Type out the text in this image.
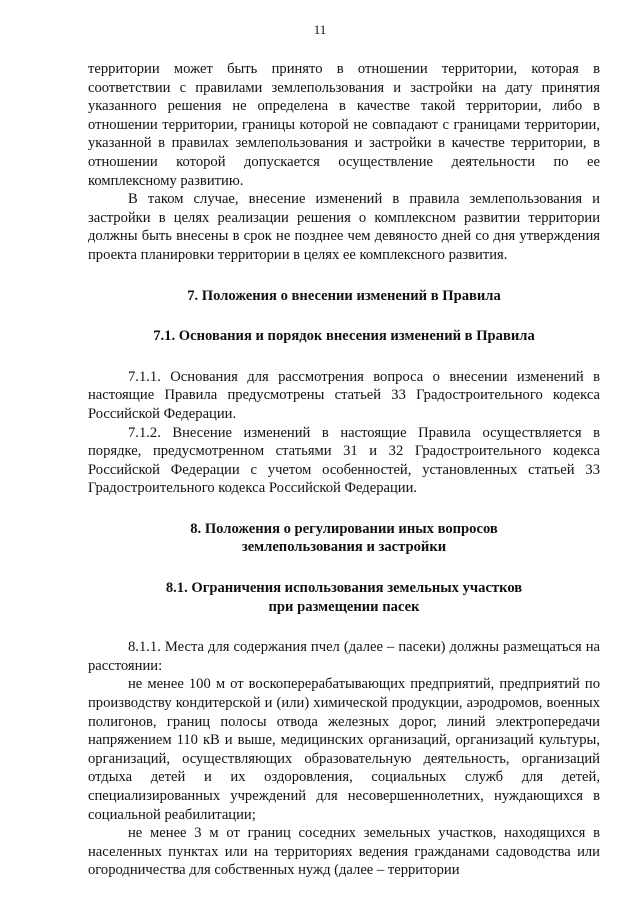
11

территории может быть принято в отношении территории, которая в соответствии с правилами землепользования и застройки на дату принятия указанного решения не определена в качестве такой территории, либо в отношении территории, границы которой не совпадают с границами территории, указанной в правилах землепользования и застройки в качестве территории, в отношении которой допускается осуществление деятельности по ее комплексному развитию.

В таком случае, внесение изменений в правила землепользования и застройки в целях реализации решения о комплексном развитии территории должны быть внесены в срок не позднее чем девяносто дней со дня утверждения проекта планировки территории в целях ее комплексного развития.

7. Положения о внесении изменений в Правила
7.1. Основания и порядок внесения изменений в Правила

7.1.1. Основания для рассмотрения вопроса о внесении изменений в настоящие Правила предусмотрены статьей 33 Градостроительного кодекса Российской Федерации.

7.1.2. Внесение изменений в настоящие Правила осуществляется в порядке, предусмотренном статьями 31 и 32 Градостроительного кодекса Российской Федерации с учетом особенностей, установленных статьей 33 Градостроительного кодекса Российской Федерации.

8. Положения о регулировании иных вопросов
землепользования и застройки
8.1. Ограничения использования земельных участков
при размещении пасек

8.1.1. Места для содержания пчел (далее – пасеки) должны размещаться на расстоянии:

не менее 100 м от воскоперерабатывающих предприятий, предприятий по производству кондитерской и (или) химической продукции, аэродромов, военных полигонов, границ полосы отвода железных дорог, линий электропередачи напряжением 110 кВ и выше, медицинских организаций, организаций культуры, организаций, осуществляющих образовательную деятельность, организаций отдыха детей и их оздоровления, социальных служб для детей, специализированных учреждений для несовершеннолетних, нуждающихся в социальной реабилитации;

не менее 3 м от границ соседних земельных участков, находящихся в населенных пунктах или на территориях ведения гражданами садоводства или огородничества для собственных нужд (далее – территории
